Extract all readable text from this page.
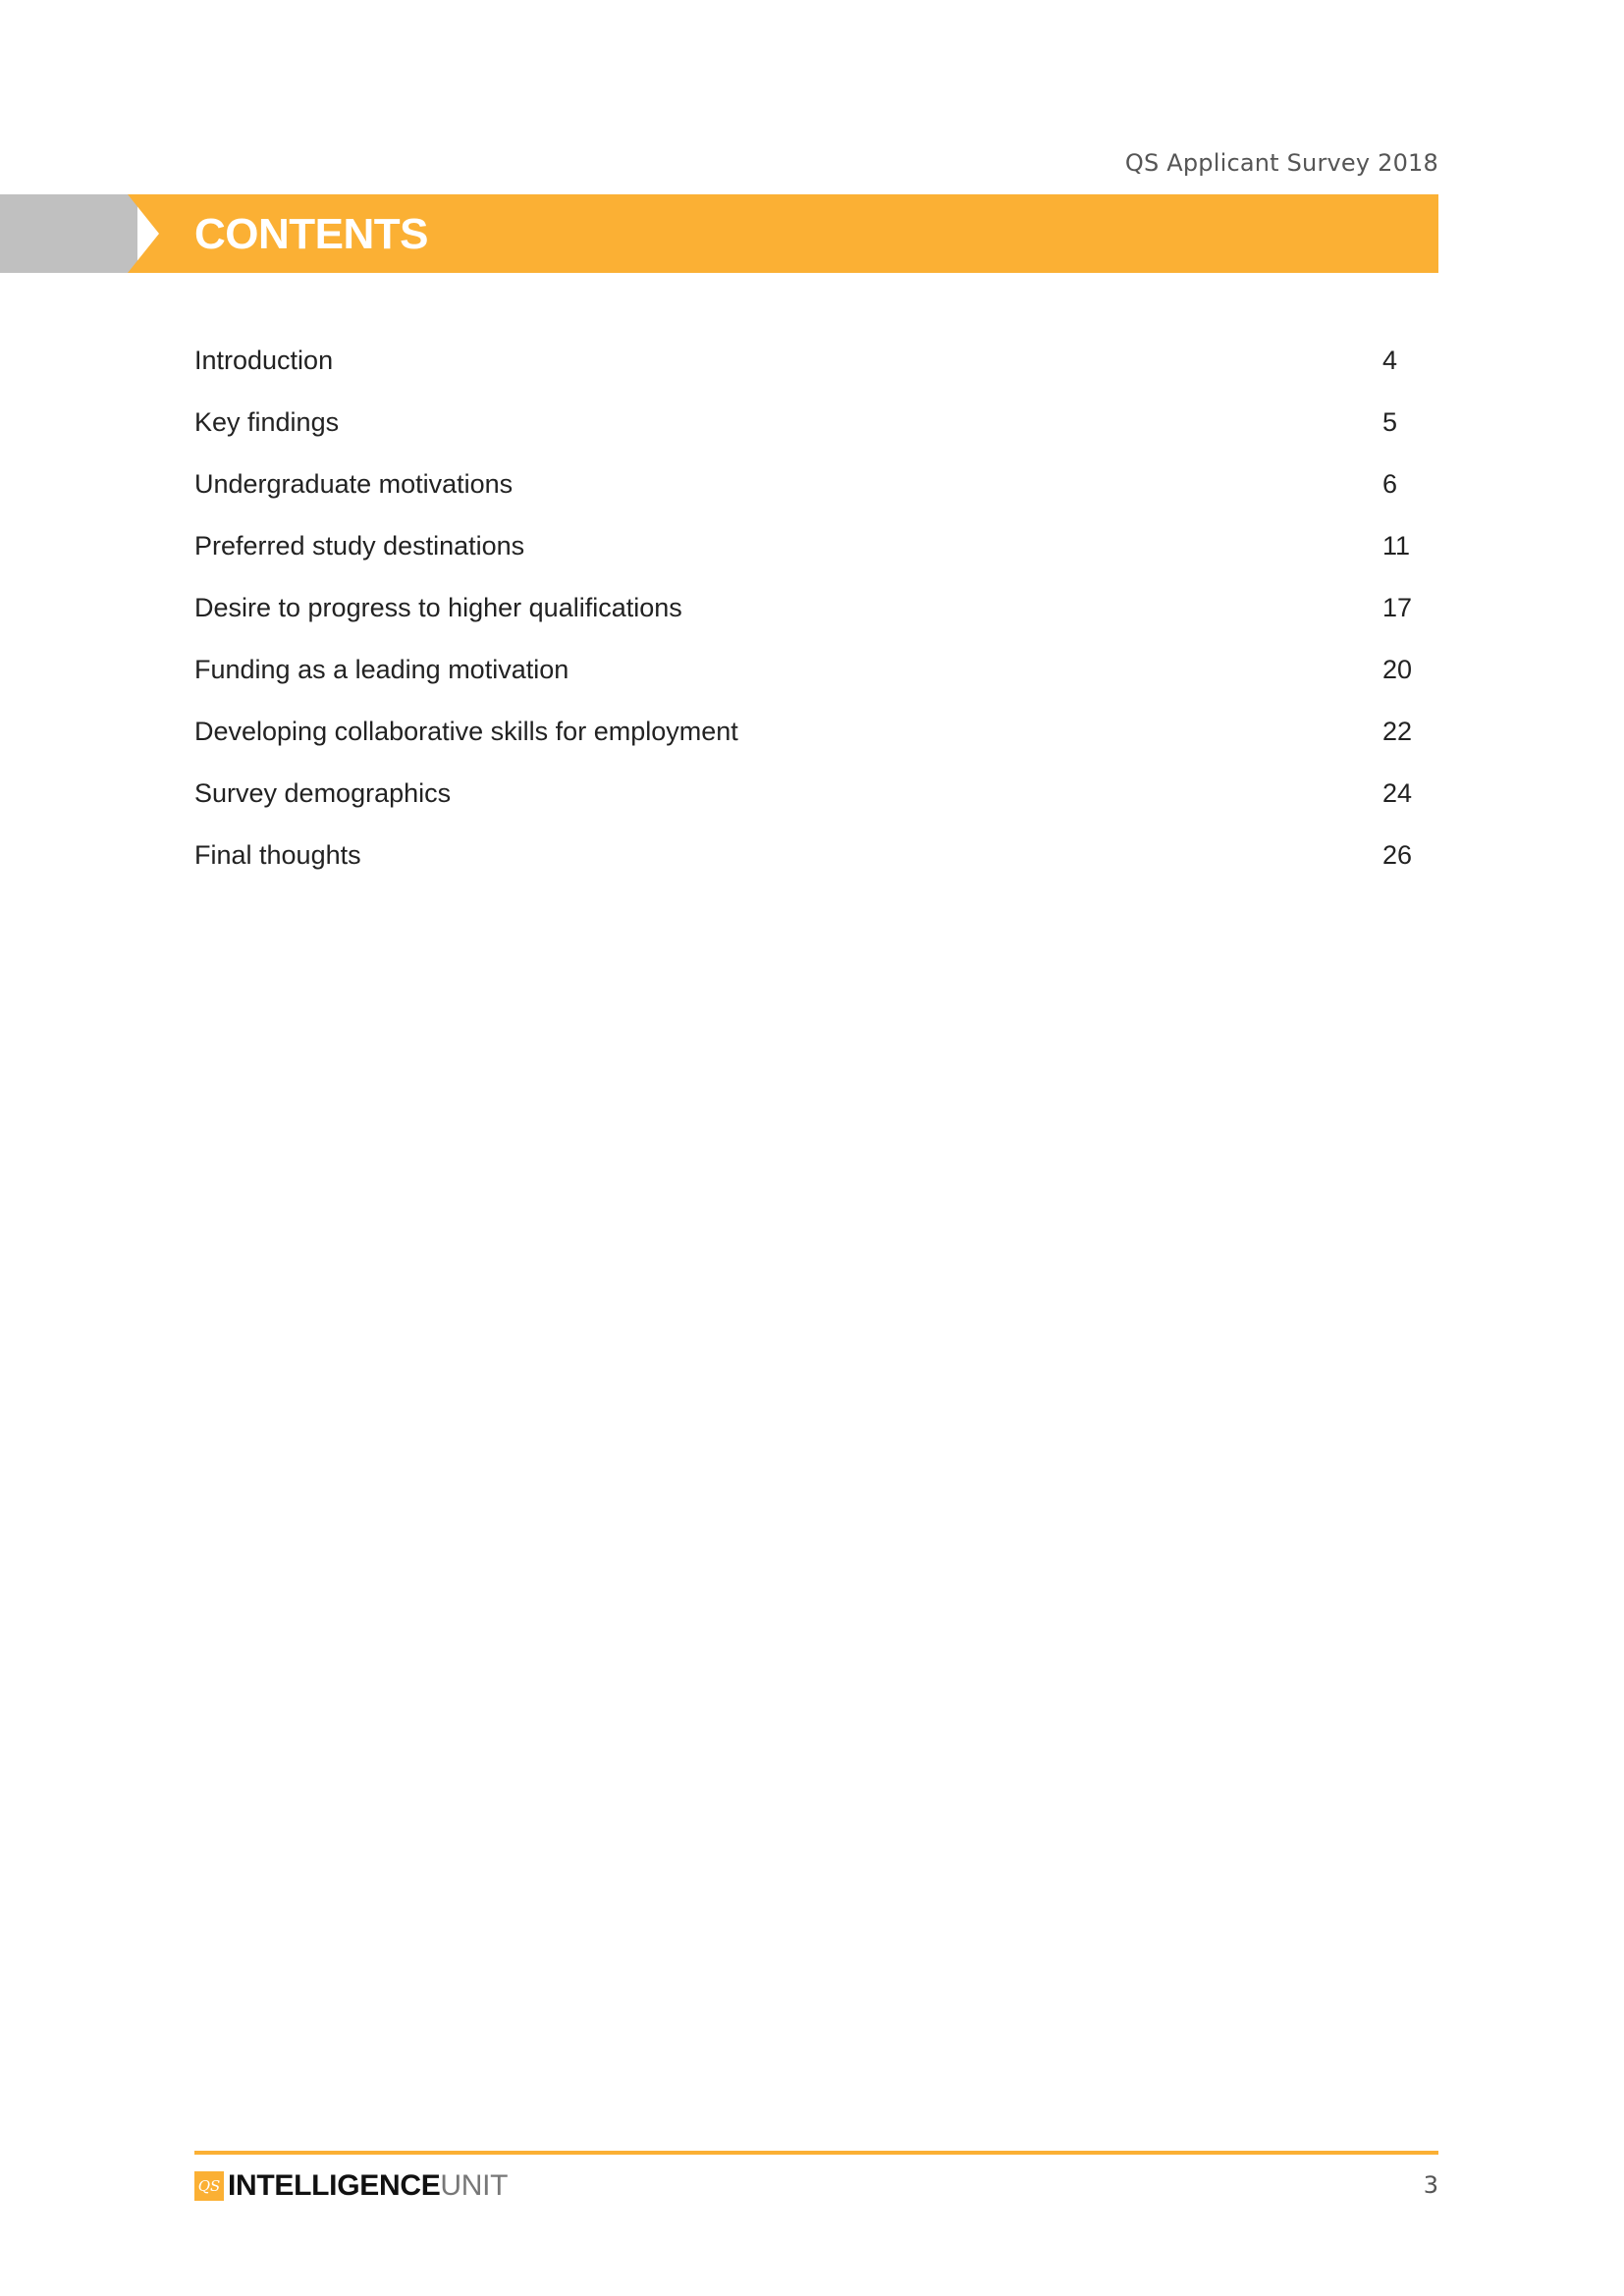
QS Applicant Survey 2018
CONTENTS
Introduction	4
Key findings	5
Undergraduate motivations	6
Preferred study destinations	11
Desire to progress to higher qualifications	17
Funding as a leading motivation	20
Developing collaborative skills for employment	22
Survey demographics	24
Final thoughts	26
QS INTELLIGENCE UNIT	3
